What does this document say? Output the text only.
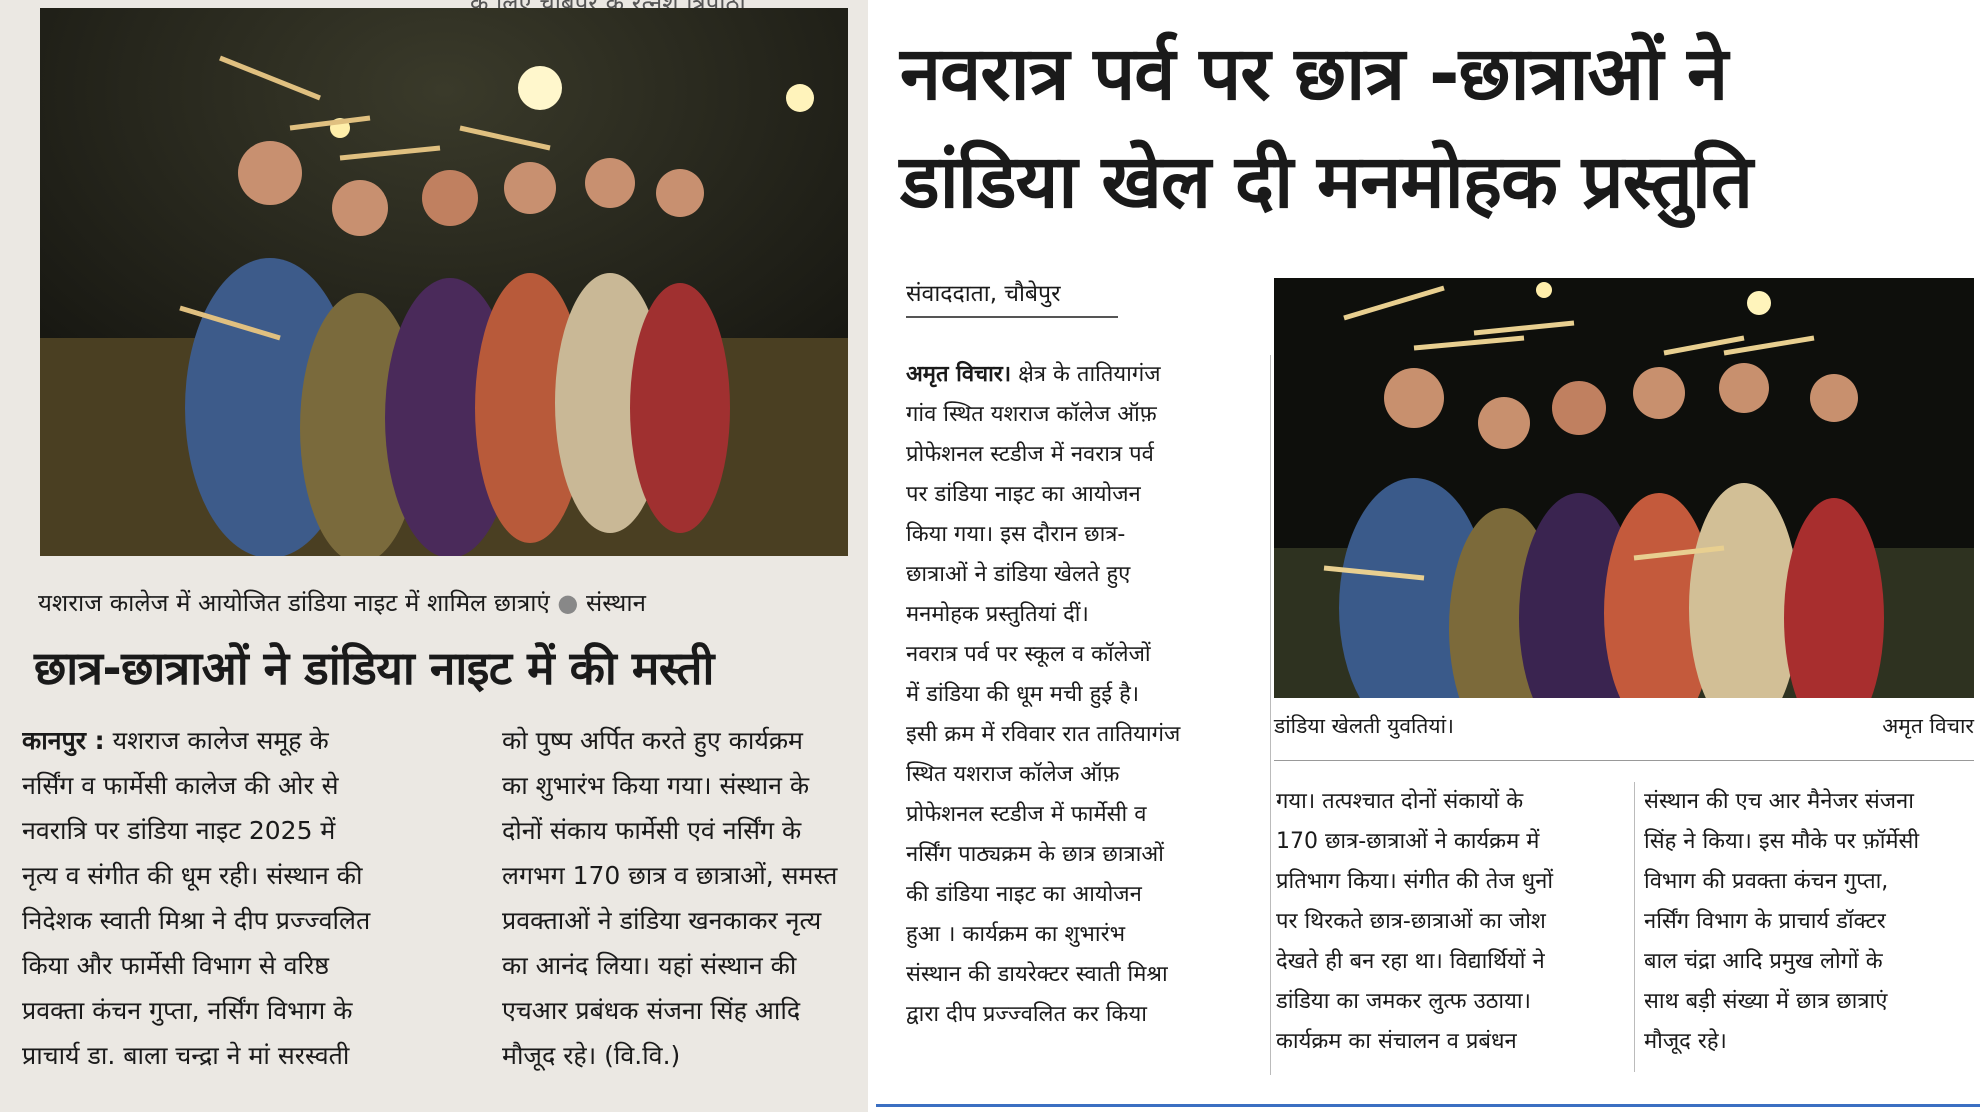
यशराज कालेज में आयोजित डांडिया नाइट में शामिल छात्राएं ● संस्थान
छात्र-छात्राओं ने डांडिया नाइट में की मस्ती
कानपुर : यशराज कालेज समूह के
नर्सिंग व फार्मेसी कालेज की ओर से
नवरात्रि पर डांडिया नाइट 2025 में
नृत्य व संगीत की धूम रही। संस्थान की
निदेशक स्वाती मिश्रा ने दीप प्रज्ज्वलित
किया और फार्मेसी विभाग से वरिष्ठ
प्रवक्ता कंचन गुप्ता, नर्सिंग विभाग के
प्राचार्य डा. बाला चन्द्रा ने मां सरस्वती
को पुष्प अर्पित करते हुए कार्यक्रम
का शुभारंभ किया गया। संस्थान के
दोनों संकाय फार्मेसी एवं नर्सिंग के
लगभग 170 छात्र व छात्राओं, समस्त
प्रवक्ताओं ने डांडिया खनकाकर नृत्य
का आनंद लिया। यहां संस्थान की
एचआर प्रबंधक संजना सिंह आदि
मौजूद रहे। (वि.वि.)
नवरात्र पर्व पर छात्र -छात्राओं ने
डांडिया खेल दी मनमोहक प्रस्तुति
संवाददाता, चौबेपुर
अमृत विचार। क्षेत्र के तातियागंज
गांव स्थित यशराज कॉलेज ऑफ़
प्रोफेशनल स्टडीज में नवरात्र पर्व
पर डांडिया नाइट का आयोजन
किया गया। इस दौरान छात्र-
छात्राओं ने डांडिया खेलते हुए
मनमोहक प्रस्तुतियां दीं।
नवरात्र पर्व पर स्कूल व कॉलेजों
में डांडिया की धूम मची हुई है।
इसी क्रम में रविवार रात तातियागंज
स्थित यशराज कॉलेज ऑफ़
प्रोफेशनल स्टडीज में फार्मेसी व
नर्सिंग पाठ्यक्रम के छात्र छात्राओं
की डांडिया नाइट का आयोजन
हुआ । कार्यक्रम का शुभारंभ
संस्थान की डायरेक्टर स्वाती मिश्रा
द्वारा दीप प्रज्ज्वलित कर किया
डांडिया खेलती युवतियां।	अमृत विचार
गया। तत्पश्चात दोनों संकायों के
170 छात्र-छात्राओं ने कार्यक्रम में
प्रतिभाग किया। संगीत की तेज धुनों
पर थिरकते छात्र-छात्राओं का जोश
देखते ही बन रहा था। विद्यार्थियों ने
डांडिया का जमकर लुत्फ उठाया।
कार्यक्रम का संचालन व प्रबंधन
संस्थान की एच आर मैनेजर संजना
सिंह ने किया। इस मौके पर फ़ॉर्मेसी
विभाग की प्रवक्ता कंचन गुप्ता,
नर्सिंग विभाग के प्राचार्य डॉक्टर
बाल चंद्रा आदि प्रमुख लोगों के
साथ बड़ी संख्या में छात्र छात्राएं
मौजूद रहे।
